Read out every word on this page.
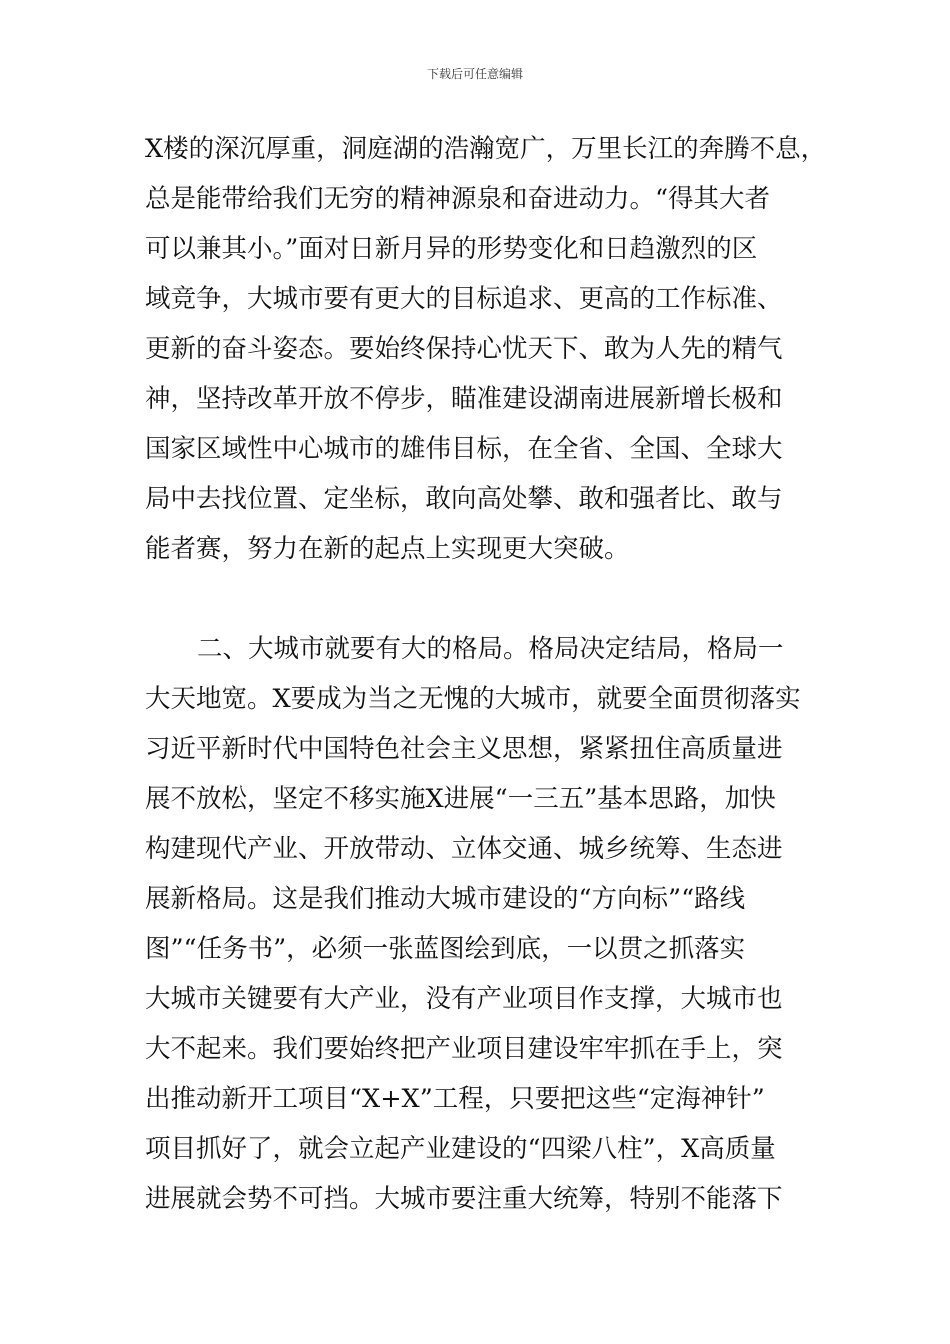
下载后可任意编辑
X楼的深沉厚重，洞庭湖的浩瀚宽广，万里长江的奔腾不息，
总是能带给我们无穷的精神源泉和奋进动力。“得其大者
可以兼其小。”面对日新月异的形势变化和日趋激烈的区
域竞争，大城市要有更大的目标追求、更高的工作标准、
更新的奋斗姿态。要始终保持心忧天下、敢为人先的精气
神，坚持改革开放不停步，瞄准建设湖南进展新增长极和
国家区域性中心城市的雄伟目标，在全省、全国、全球大
局中去找位置、定坐标，敢向高处攀、敢和强者比、敢与
能者赛，努力在新的起点上实现更大突破。
二、大城市就要有大的格局。格局决定结局，格局一
大天地宽。X要成为当之无愧的大城市，就要全面贯彻落实
习近平新时代中国特色社会主义思想，紧紧扭住高质量进
展不放松，坚定不移实施X进展“一三五”基本思路，加快
构建现代产业、开放带动、立体交通、城乡统筹、生态进
展新格局。这是我们推动大城市建设的“方向标”“路线
图”“任务书”，必须一张蓝图绘到底，一以贯之抓落实
大城市关键要有大产业，没有产业项目作支撑，大城市也
大不起来。我们要始终把产业项目建设牢牢抓在手上，突
出推动新开工项目“X+X”工程，只要把这些“定海神针”
项目抓好了，就会立起产业建设的“四梁八柱”，X高质量
进展就会势不可挡。大城市要注重大统筹，特别不能落下
